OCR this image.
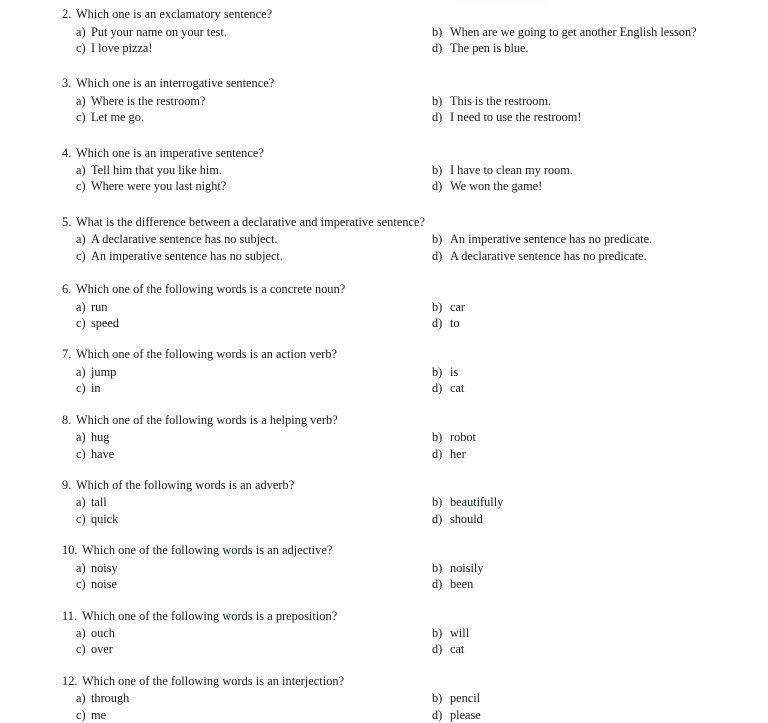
2. Which one is an exclamatory sentence?
a) Put your name on your test.	b) When are we going to get another English lesson?
c) I love pizza!	d) The pen is blue.
3. Which one is an interrogative sentence?
a) Where is the restroom?	b) This is the restroom.
c) Let me go.	d) I need to use the restroom!
4. Which one is an imperative sentence?
a) Tell him that you like him.	b) I have to clean my room.
c) Where were you last night?	d) We won the game!
5. What is the difference between a declarative and imperative sentence?
a) A declarative sentence has no subject.	b) An imperative sentence has no predicate.
c) An imperative sentence has no subject.	d) A declarative sentence has no predicate.
6. Which one of the following words is a concrete noun?
a) run	b) car
c) speed	d) to
7. Which one of the following words is an action verb?
a) jump	b) is
c) in	d) cat
8. Which one of the following words is a helping verb?
a) hug	b) robot
c) have	d) her
9. Which of the following words is an adverb?
a) tall	b) beautifully
c) quick	d) should
10. Which one of the following words is an adjective?
a) noisy	b) noisily
c) noise	d) been
11. Which one of the following words is a preposition?
a) ouch	b) will
c) over	d) cat
12. Which one of the following words is an interjection?
a) through	b) pencil
c) me	d) please
